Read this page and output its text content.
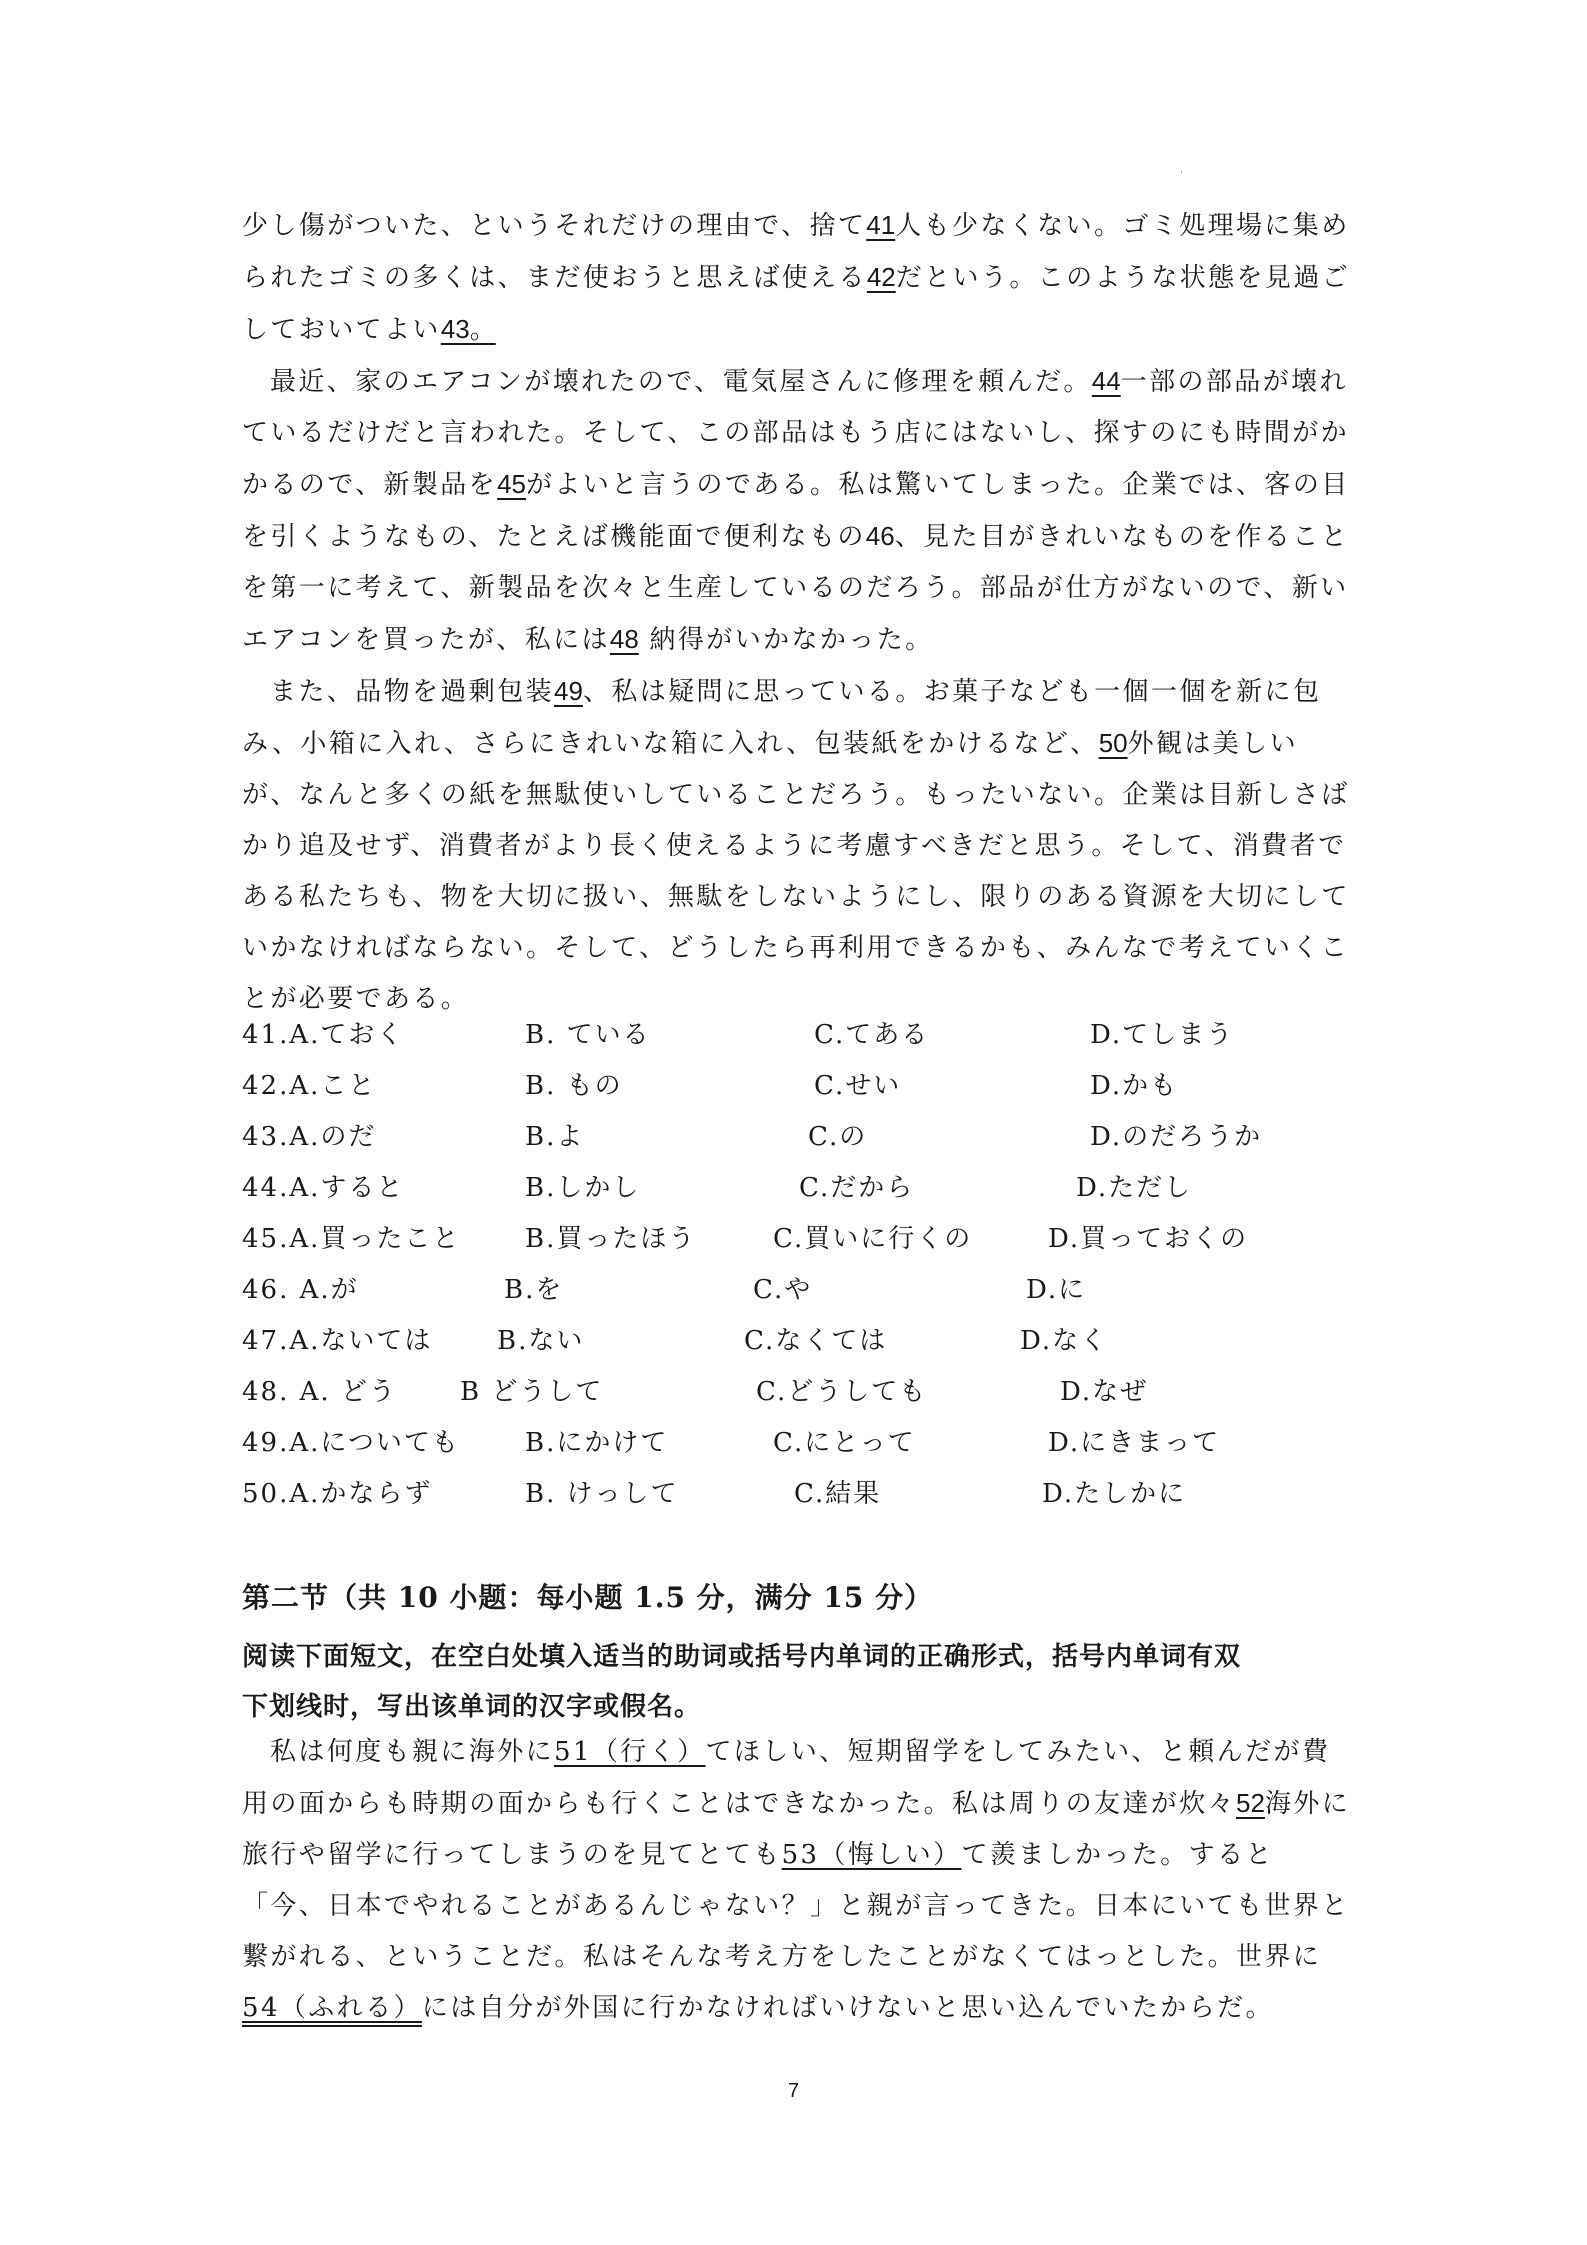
'

少し傷がついた、というそれだけの理由で、捨て41人も少なくない。ゴミ処理場に集められたゴミの多くは、まだ使おうと思えば使える42だという。このような状態を見過ごしておいてよい43。

最近、家のエアコンが壊れたので、電気屋さんに修理を頼んだ。44一部の部品が壊れているだけだと言われた。そして、この部品はもう店にはないし、探すのにも時間がかかるので、新製品を45がよいと言うのである。私は驚いてしまった。企業では、客の目を引くようなもの、たとえば機能面で便利なもの46、見た目がきれいなものを作ることを第一に考えて、新製品を次々と生産しているのだろう。部品が仕方がないので、新いエアコンを買ったが、私には48 納得がいかなかった。

また、品物を過剰包装49、私は疑問に思っている。お菓子なども一個一個を新に包み、小箱に入れ、さらにきれいな箱に入れ、包装紙をかけるなど、50外観は美しいが、なんと多くの紙を無駄使いしていることだろう。もったいない。企業は目新しさばかり追及せず、消費者がより長く使えるように考慮すべきだと思う。そして、消費者である私たちも、物を大切に扱い、無駄をしないようにし、限りのある資源を大切にしていかなければならない。そして、どうしたら再利用できるかも、みんなで考えていくことが必要である。

41.A.ておく	B. ている	C.てある	D.てしまう
42.A.こと	B. もの	C.せい	D.かも
43.A.のだ	B.よ	C.の	D.のだろうか
44.A.すると	B.しかし	C.だから	D.ただし
45.A.買ったこと B.買ったほう	C.買いに行くの	D.買っておくの
46. A.が	B.を	C.や	D.に
47.A.ないては B.ない	C.なくては	D.なく
48. A. どう B どうして	C.どうしても	D.なぜ
49.A.についても	B.にかけて	C.にとって	D.にきまって
50.A.かならず	B. けっして	C.結果	D.たしかに
第二节（共 10 小题：每小题 1.5 分，满分 15 分）
阅读下面短文，在空白处填入适当的助词或括号内单词的正确形式，括号内单词有双
下划线时，写出该单词的汉字或假名。

私は何度も親に海外に51（行く）てほしい、短期留学をしてみたい、と頼んだが費用の面からも時期の面からも行くことはできなかった。私は周りの友達が炊々52海外に旅行や留学に行ってしまうのを見てとても53（悔しい）て羨ましかった。すると「今、日本でやれることがあるんじゃない？」と親が言ってきた。日本にいても世界と繋がれる、ということだ。私はそんな考え方をしたことがなくてはっとした。世界に54（ふれる）には自分が外国に行かなければいけないと思い込んでいたからだ。

7
